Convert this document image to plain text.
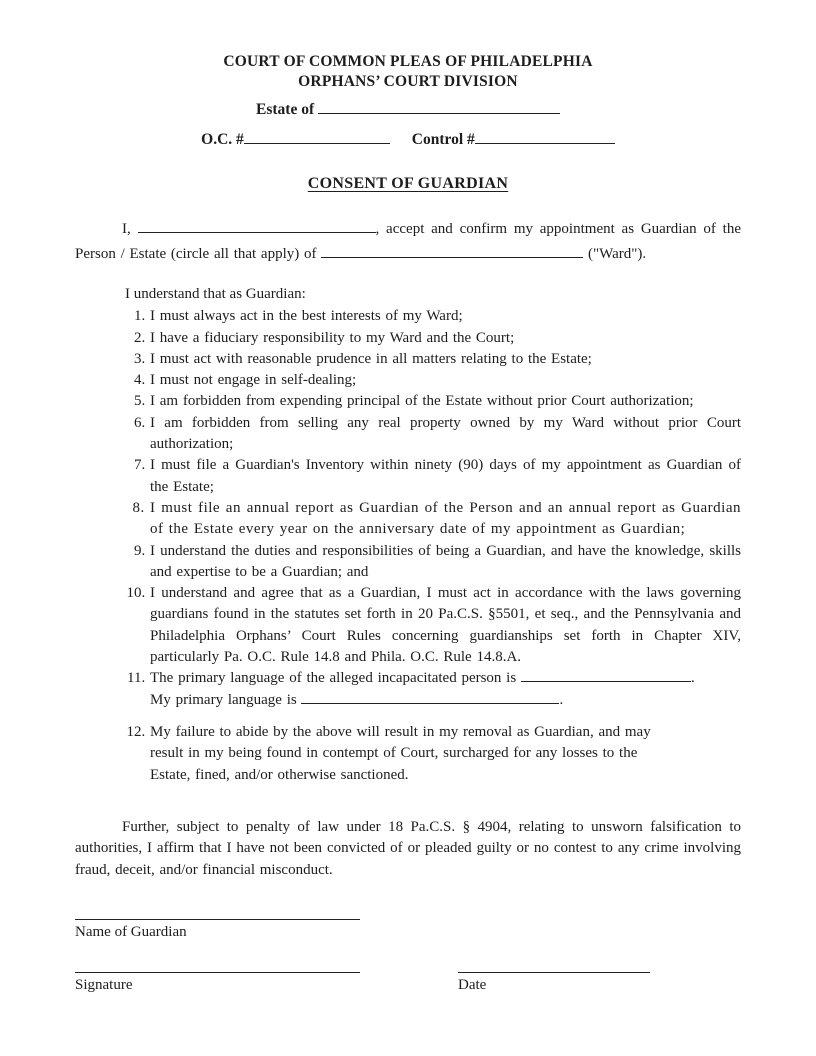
COURT OF COMMON PLEAS OF PHILADELPHIA
ORPHANS’ COURT DIVISION
Estate of
O.C. #	Control #
CONSENT OF GUARDIAN

I,	, accept and confirm my appointment as Guardian of the Person / Estate (circle all that apply) of	("Ward").

I understand that as Guardian:

1. I must always act in the best interests of my Ward;
2. I have a fiduciary responsibility to my Ward and the Court;
3. I must act with reasonable prudence in all matters relating to the Estate;
4. I must not engage in self-dealing;
5. I am forbidden from expending principal of the Estate without prior Court authorization;
6. I am forbidden from selling any real property owned by my Ward without prior Court authorization;
7. I must file a Guardian's Inventory within ninety (90) days of my appointment as Guardian of the Estate;
8. I must file an annual report as Guardian of the Person and an annual report as Guardian of the Estate every year on the anniversary date of my appointment as Guardian;
9. I understand the duties and responsibilities of being a Guardian, and have the knowledge, skills and expertise to be a Guardian; and
10. I understand and agree that as a Guardian, I must act in accordance with the laws governing guardians found in the statutes set forth in 20 Pa.C.S. §5501, et seq., and the Pennsylvania and Philadelphia Orphans’ Court Rules concerning guardianships set forth in Chapter XIV, particularly Pa. O.C. Rule 14.8 and Phila. O.C. Rule 14.8.A.
11. The primary language of the alleged incapacitated person is	.
My primary language is	.
12. My failure to abide by the above will result in my removal as Guardian, and may
result in my being found in contempt of Court, surcharged for any losses to the
Estate, fined, and/or otherwise sanctioned.

Further, subject to penalty of law under 18 Pa.C.S. § 4904, relating to unsworn falsification to authorities, I affirm that I have not been convicted of or pleaded guilty or no contest to any crime involving fraud, deceit, and/or financial misconduct.

Name of Guardian
Signature	Date
